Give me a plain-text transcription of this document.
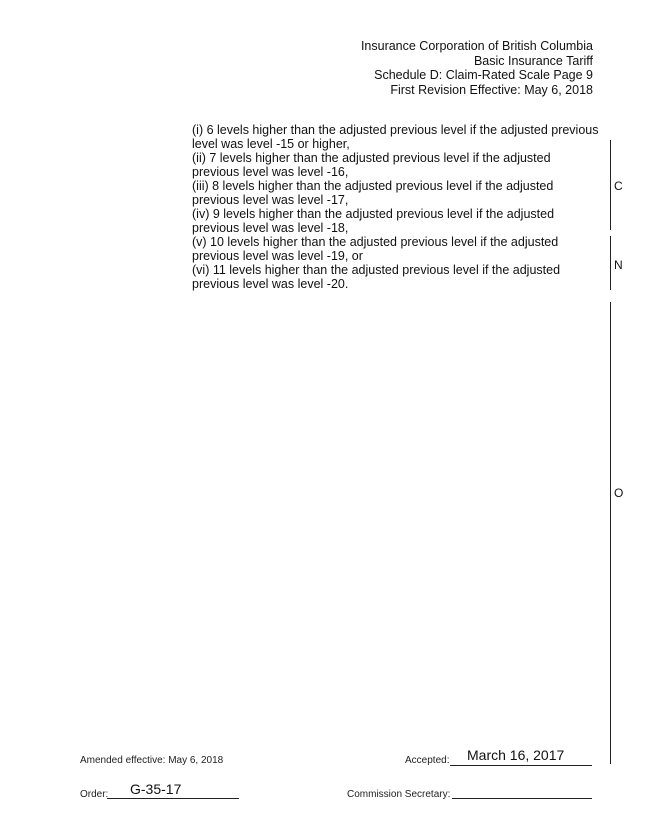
Insurance Corporation of British Columbia
Basic Insurance Tariff
Schedule D: Claim-Rated Scale Page 9
First Revision Effective: May 6, 2018
(i) 6 levels higher than the adjusted previous level if the adjusted previous
level was level -15 or higher,
(ii) 7 levels higher than the adjusted previous level if the adjusted
previous level was level -16,
(iii) 8 levels higher than the adjusted previous level if the adjusted
previous level was level -17,
(iv) 9 levels higher than the adjusted previous level if the adjusted
previous level was level -18,
(v) 10 levels higher than the adjusted previous level if the adjusted
previous level was level -19, or
(vi) 11 levels higher than the adjusted previous level if the adjusted
previous level was level -20.
C
N
O
Amended effective: May 6, 2018	Accepted: March 16, 2017
Order: G-35-17	Commission Secretary:
